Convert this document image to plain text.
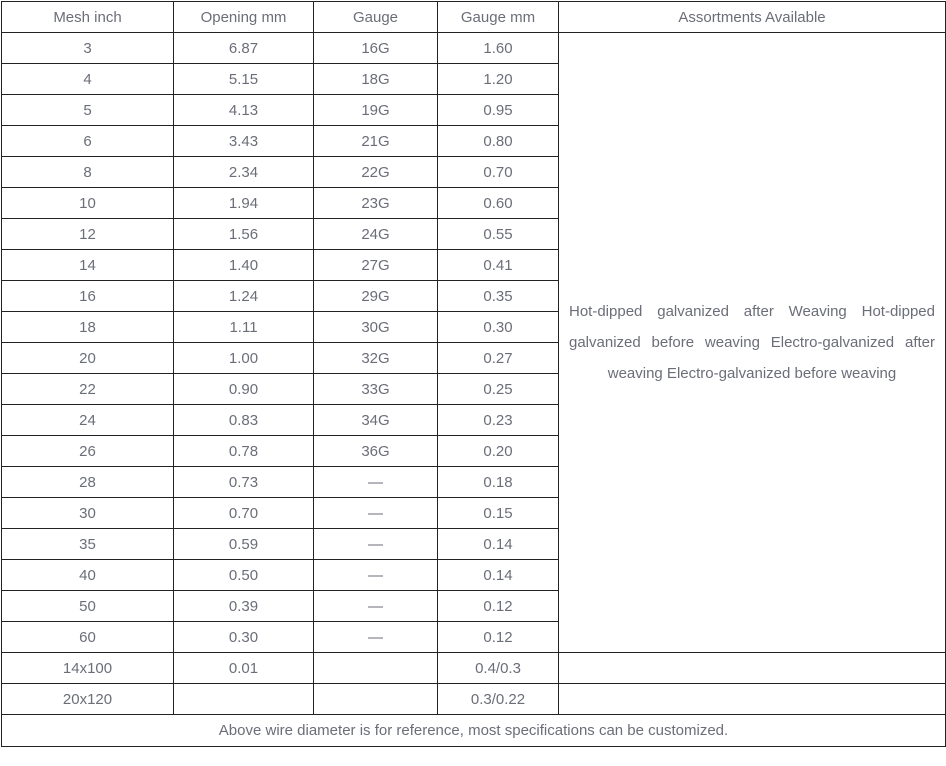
Mesh inch	Opening mm	Gauge	Gauge mm	Assortments Available
3	6.87	16G	1.60	Hot-dipped galvanized after Weaving Hot-dipped galvanized before weaving Electro-galvanized after weaving Electro-galvanized before weaving
4	5.15	18G	1.20	
5	4.13	19G	0.95	
6	3.43	21G	0.80	
8	2.34	22G	0.70	
10	1.94	23G	0.60	
12	1.56	24G	0.55	
14	1.40	27G	0.41	
16	1.24	29G	0.35	
18	1.11	30G	0.30	
20	1.00	32G	0.27	
22	0.90	33G	0.25	
24	0.83	34G	0.23	
26	0.78	36G	0.20	
28	0.73	—	0.18	
30	0.70	—	0.15	
35	0.59	—	0.14	
40	0.50	—	0.14	
50	0.39	—	0.12	
60	0.30	—	0.12	
14x100	0.01		0.4/0.3	
20x120			0.3/0.22	
Above wire diameter is for reference, most specifications can be customized.				
